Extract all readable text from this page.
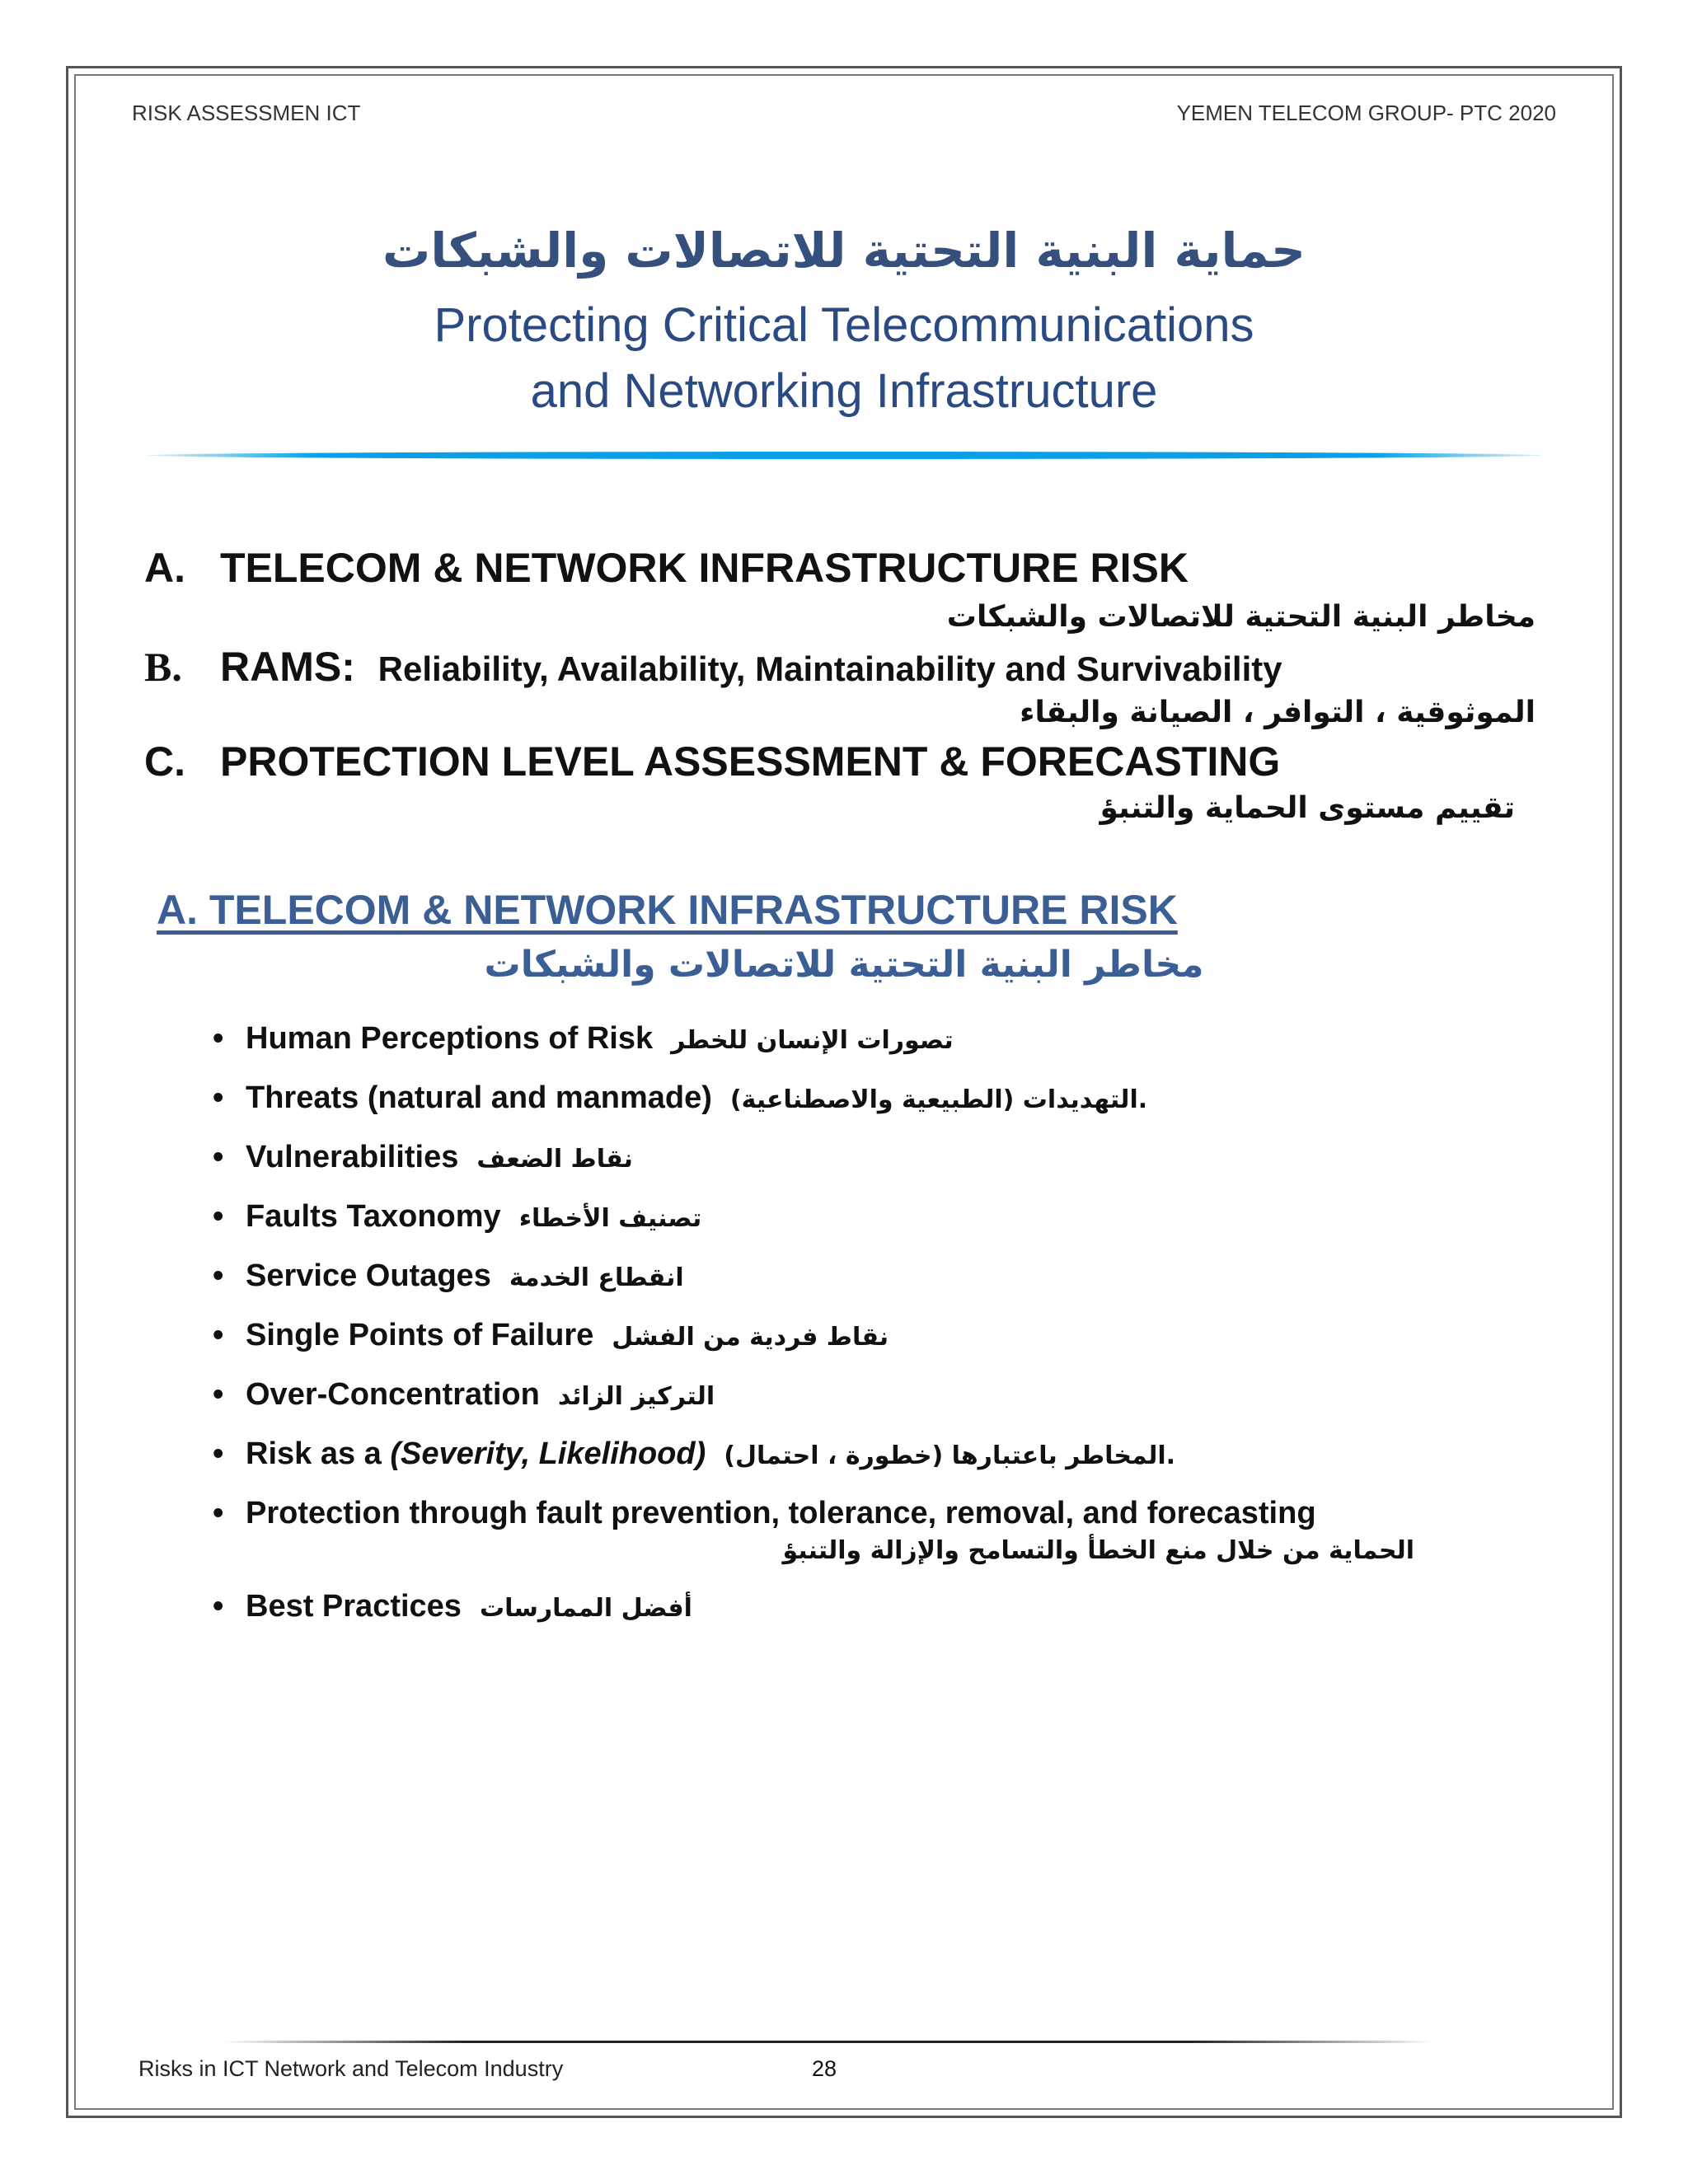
RISK ASSESSMEN ICT	YEMEN TELECOM GROUP- PTC 2020
حماية البنية التحتية للاتصالات والشبكات
Protecting Critical Telecommunications
and Networking Infrastructure
A. TELECOM & NETWORK INFRASTRUCTURE RISK
مخاطر البنية التحتية للاتصالات والشبكات
B. RAMS: Reliability, Availability, Maintainability and Survivability
الموثوقية ، التوافر ، الصيانة والبقاء
C. PROTECTION LEVEL ASSESSMENT & FORECASTING
تقييم مستوى الحماية والتنبؤ
A. TELECOM & NETWORK INFRASTRUCTURE RISK
مخاطر البنية التحتية للاتصالات والشبكات
• Human Perceptions of Risk تصورات الإنسان للخطر
• Threats (natural and manmade) .التهديدات (الطبيعية والاصطناعية)
• Vulnerabilities نقاط الضعف
• Faults Taxonomy تصنيف الأخطاء
• Service Outages انقطاع الخدمة
• Single Points of Failure نقاط فردية من الفشل
• Over-Concentration التركيز الزائد
• Risk as a (Severity, Likelihood) .المخاطر باعتبارها (خطورة ، احتمال)
• Protection through fault prevention, tolerance, removal, and forecasting
الحماية من خلال منع الخطأ والتسامح والإزالة والتنبؤ
• Best Practices أفضل الممارسات
Risks in ICT Network and Telecom Industry	28
